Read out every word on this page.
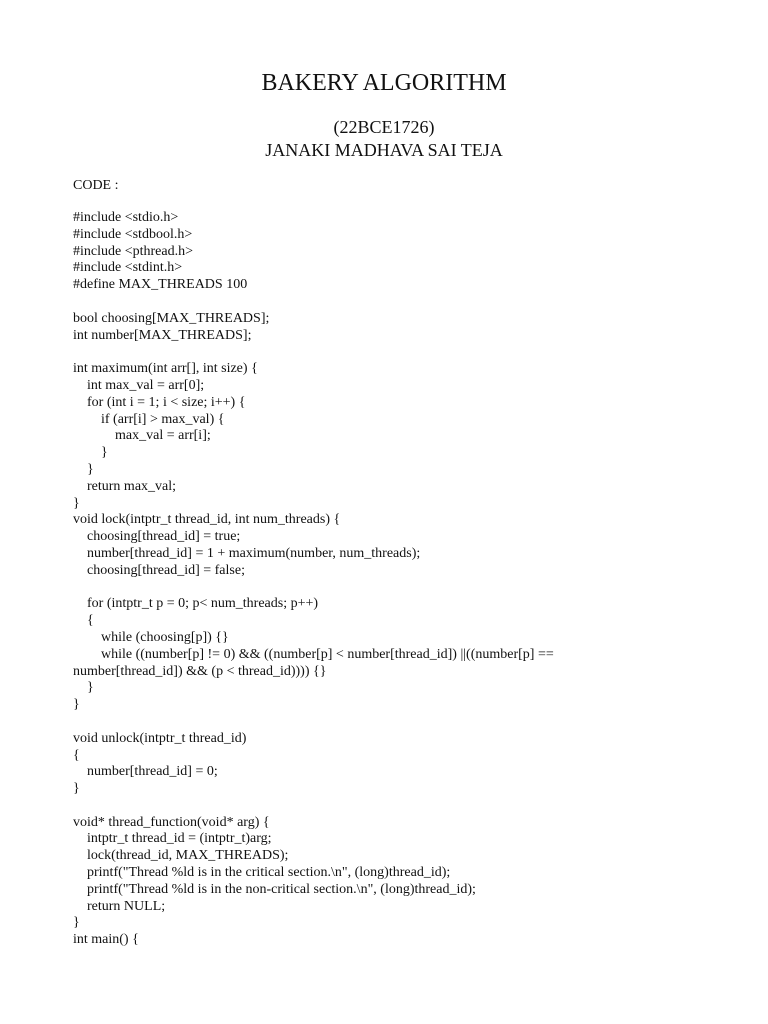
BAKERY ALGORITHM
(22BCE1726)
JANAKI MADHAVA SAI TEJA
CODE :
#include <stdio.h>
#include <stdbool.h>
#include <pthread.h>
#include <stdint.h>
#define MAX_THREADS 100
bool choosing[MAX_THREADS];
int number[MAX_THREADS];
int maximum(int arr[], int size) {
int max_val = arr[0];
for (int i = 1; i < size; i++) {
if (arr[i] > max_val) {
max_val = arr[i];
}
}
return max_val;
}
void lock(intptr_t thread_id, int num_threads) {
choosing[thread_id] = true;
number[thread_id] = 1 + maximum(number, num_threads);
choosing[thread_id] = false;
for (intptr_t p = 0; p< num_threads; p++)
{
while (choosing[p]) {}
while ((number[p] != 0) && ((number[p] < number[thread_id]) ||((number[p] ==
number[thread_id]) && (p < thread_id)))) {}
}
}
void unlock(intptr_t thread_id)
{
number[thread_id] = 0;
}
void* thread_function(void* arg) {
intptr_t thread_id = (intptr_t)arg;
lock(thread_id, MAX_THREADS);
printf("Thread %ld is in the critical section.\n", (long)thread_id);
printf("Thread %ld is in the non-critical section.\n", (long)thread_id);
return NULL;
}
int main() {
